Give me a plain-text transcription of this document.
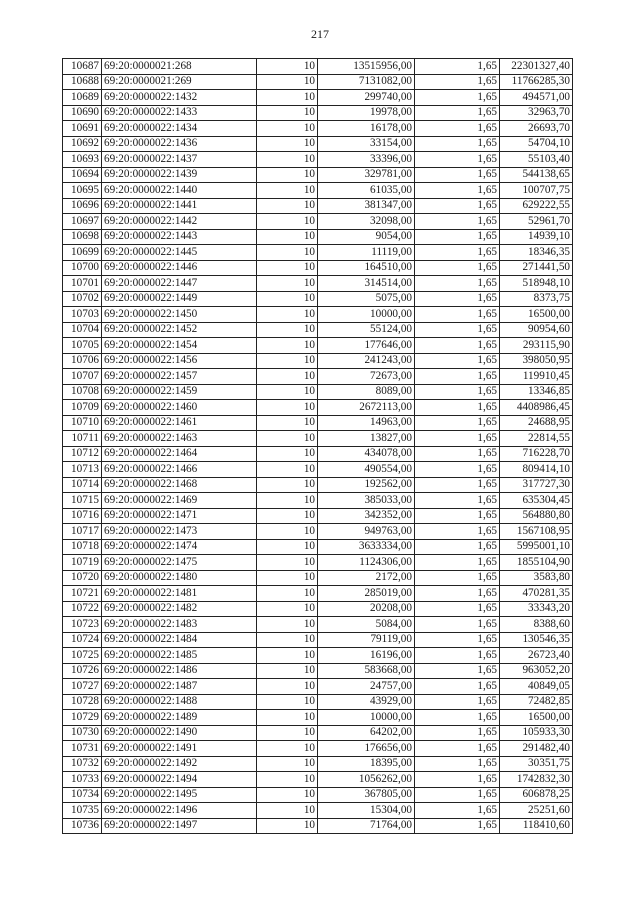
217
10687	69:20:0000021:268	10	13515956,00	1,65	22301327,40
10688	69:20:0000021:269	10	7131082,00	1,65	11766285,30
10689	69:20:0000022:1432	10	299740,00	1,65	494571,00
10690	69:20:0000022:1433	10	19978,00	1,65	32963,70
10691	69:20:0000022:1434	10	16178,00	1,65	26693,70
10692	69:20:0000022:1436	10	33154,00	1,65	54704,10
10693	69:20:0000022:1437	10	33396,00	1,65	55103,40
10694	69:20:0000022:1439	10	329781,00	1,65	544138,65
10695	69:20:0000022:1440	10	61035,00	1,65	100707,75
10696	69:20:0000022:1441	10	381347,00	1,65	629222,55
10697	69:20:0000022:1442	10	32098,00	1,65	52961,70
10698	69:20:0000022:1443	10	9054,00	1,65	14939,10
10699	69:20:0000022:1445	10	11119,00	1,65	18346,35
10700	69:20:0000022:1446	10	164510,00	1,65	271441,50
10701	69:20:0000022:1447	10	314514,00	1,65	518948,10
10702	69:20:0000022:1449	10	5075,00	1,65	8373,75
10703	69:20:0000022:1450	10	10000,00	1,65	16500,00
10704	69:20:0000022:1452	10	55124,00	1,65	90954,60
10705	69:20:0000022:1454	10	177646,00	1,65	293115,90
10706	69:20:0000022:1456	10	241243,00	1,65	398050,95
10707	69:20:0000022:1457	10	72673,00	1,65	119910,45
10708	69:20:0000022:1459	10	8089,00	1,65	13346,85
10709	69:20:0000022:1460	10	2672113,00	1,65	4408986,45
10710	69:20:0000022:1461	10	14963,00	1,65	24688,95
10711	69:20:0000022:1463	10	13827,00	1,65	22814,55
10712	69:20:0000022:1464	10	434078,00	1,65	716228,70
10713	69:20:0000022:1466	10	490554,00	1,65	809414,10
10714	69:20:0000022:1468	10	192562,00	1,65	317727,30
10715	69:20:0000022:1469	10	385033,00	1,65	635304,45
10716	69:20:0000022:1471	10	342352,00	1,65	564880,80
10717	69:20:0000022:1473	10	949763,00	1,65	1567108,95
10718	69:20:0000022:1474	10	3633334,00	1,65	5995001,10
10719	69:20:0000022:1475	10	1124306,00	1,65	1855104,90
10720	69:20:0000022:1480	10	2172,00	1,65	3583,80
10721	69:20:0000022:1481	10	285019,00	1,65	470281,35
10722	69:20:0000022:1482	10	20208,00	1,65	33343,20
10723	69:20:0000022:1483	10	5084,00	1,65	8388,60
10724	69:20:0000022:1484	10	79119,00	1,65	130546,35
10725	69:20:0000022:1485	10	16196,00	1,65	26723,40
10726	69:20:0000022:1486	10	583668,00	1,65	963052,20
10727	69:20:0000022:1487	10	24757,00	1,65	40849,05
10728	69:20:0000022:1488	10	43929,00	1,65	72482,85
10729	69:20:0000022:1489	10	10000,00	1,65	16500,00
10730	69:20:0000022:1490	10	64202,00	1,65	105933,30
10731	69:20:0000022:1491	10	176656,00	1,65	291482,40
10732	69:20:0000022:1492	10	18395,00	1,65	30351,75
10733	69:20:0000022:1494	10	1056262,00	1,65	1742832,30
10734	69:20:0000022:1495	10	367805,00	1,65	606878,25
10735	69:20:0000022:1496	10	15304,00	1,65	25251,60
10736	69:20:0000022:1497	10	71764,00	1,65	118410,60
